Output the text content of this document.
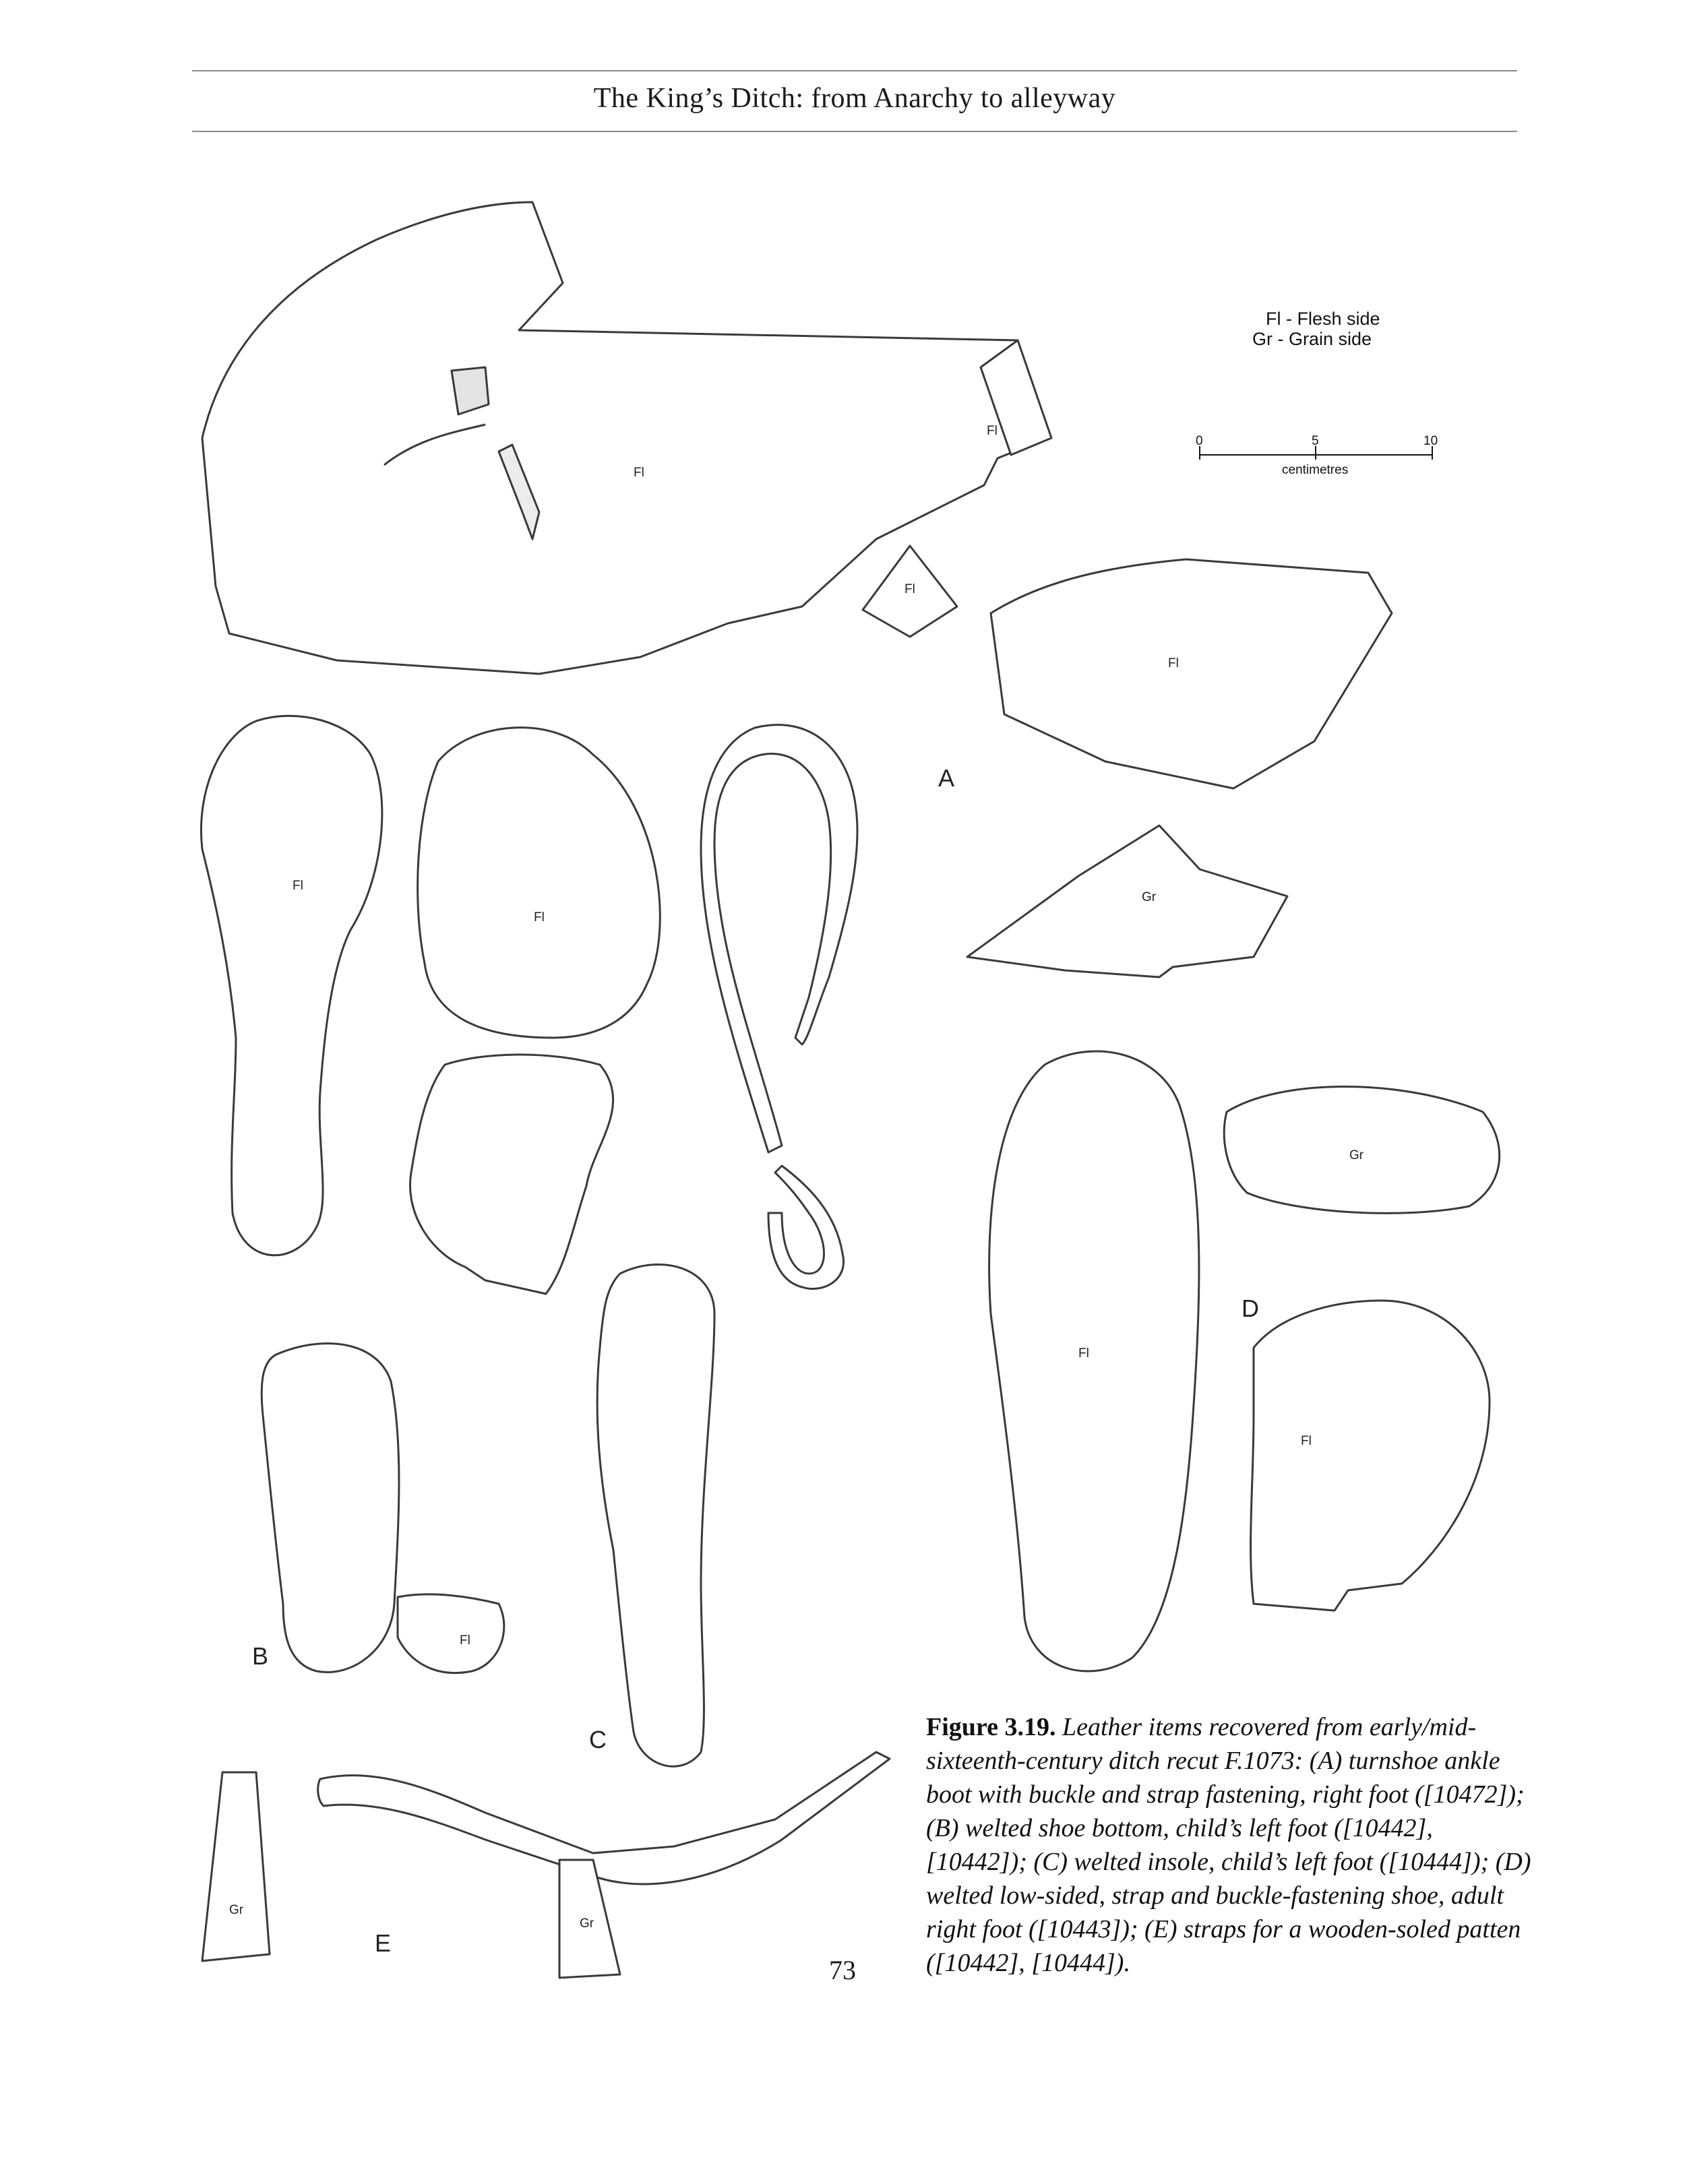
The King’s Ditch: from Anarchy to alleyway
Fl - Flesh side
Gr - Grain side
0	5	10
centimetres
A
B
C
D
E
Fl
Fl
Fl
Fl
Gr
Fl
Fl
Fl
Gr
Fl
Fl
Gr
Gr
Figure 3.19. Leather items recovered from early/mid-sixteenth-century ditch recut F.1073: (A) turnshoe ankle boot with buckle and strap fastening, right foot ([10472]); (B) welted shoe bottom, child’s left foot ([10442], [10442]); (C) welted insole, child’s left foot ([10444]); (D) welted low-sided, strap and buckle-fastening shoe, adult right foot ([10443]); (E) straps for a wooden-soled patten ([10442], [10444]).
73
